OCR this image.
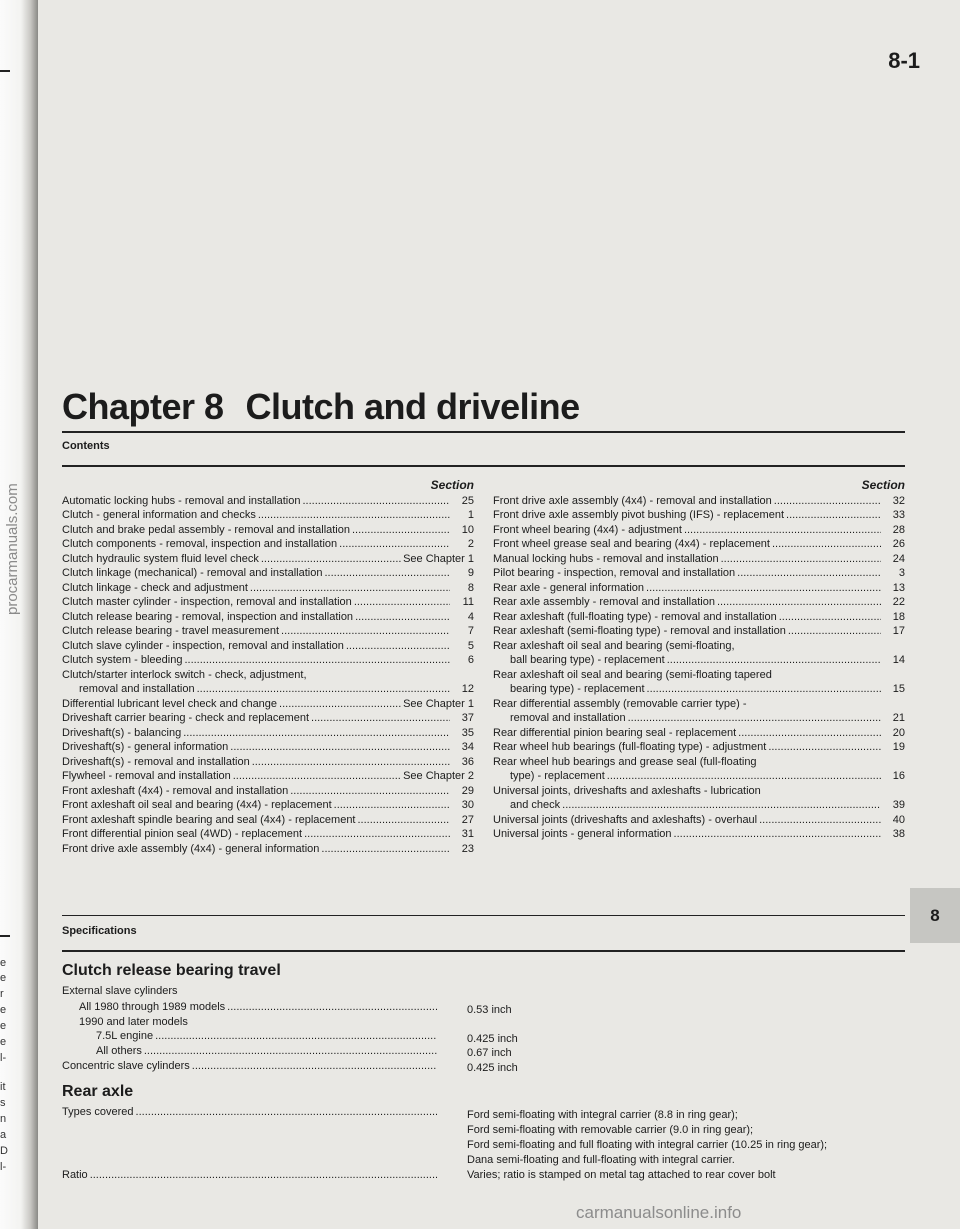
e
e
r
e
e
e
l-
it
s
n
a
D
l-
procarmanuals.com
carmanualsonline.info
8-1
Chapter 8 Clutch and driveline
Contents
Section
Automatic locking hubs - removal and installation .....	25
Clutch - general information and checks .....	1
Clutch and brake pedal assembly - removal and installation .....	10
Clutch components - removal, inspection and installation .....	2
Clutch hydraulic system fluid level check .....	See Chapter 1
Clutch linkage (mechanical) - removal and installation .....	9
Clutch linkage - check and adjustment .....	8
Clutch master cylinder - inspection, removal and installation .....	11
Clutch release bearing - removal, inspection and installation .....	4
Clutch release bearing - travel measurement .....	7
Clutch slave cylinder - inspection, removal and installation .....	5
Clutch system - bleeding .....	6
Clutch/starter interlock switch - check, adjustment,
removal and installation .....	12
Differential lubricant level check and change .....	See Chapter 1
Driveshaft carrier bearing - check and replacement .....	37
Driveshaft(s) - balancing .....	35
Driveshaft(s) - general information .....	34
Driveshaft(s) - removal and installation .....	36
Flywheel - removal and installation .....	See Chapter 2
Front axleshaft (4x4) - removal and installation .....	29
Front axleshaft oil seal and bearing (4x4) - replacement .....	30
Front axleshaft spindle bearing and seal (4x4) - replacement .....	27
Front differential pinion seal (4WD) - replacement .....	31
Front drive axle assembly (4x4) - general information .....	23
Section
Front drive axle assembly (4x4) - removal and installation .....	32
Front drive axle assembly pivot bushing (IFS) - replacement .....	33
Front wheel bearing (4x4) - adjustment .....	28
Front wheel grease seal and bearing (4x4) - replacement .....	26
Manual locking hubs - removal and installation .....	24
Pilot bearing - inspection, removal and installation .....	3
Rear axle - general information .....	13
Rear axle assembly - removal and installation .....	22
Rear axleshaft (full-floating type) - removal and installation .....	18
Rear axleshaft (semi-floating type) - removal and installation .....	17
Rear axleshaft oil seal and bearing (semi-floating,
ball bearing type) - replacement .....	14
Rear axleshaft oil seal and bearing (semi-floating tapered
bearing type) - replacement .....	15
Rear differential assembly (removable carrier type) -
removal and installation .....	21
Rear differential pinion bearing seal - replacement .....	20
Rear wheel hub bearings (full-floating type) - adjustment .....	19
Rear wheel hub bearings and grease seal (full-floating
type) - replacement .....	16
Universal joints, driveshafts and axleshafts - lubrication
and check .....	39
Universal joints (driveshafts and axleshafts) - overhaul .....	40
Universal joints - general information .....	38
8
Specifications
Clutch release bearing travel
External slave cylinders
All 1980 through 1989 models .....	0.53 inch
1990 and later models
7.5L engine .....	0.425 inch
All others .....	0.67 inch
Concentric slave cylinders .....	0.425 inch
Rear axle
Types covered .....	Ford semi-floating with integral carrier (8.8 in ring gear);
Ford semi-floating with removable carrier (9.0 in ring gear);
Ford semi-floating and full floating with integral carrier (10.25 in ring gear);
Dana semi-floating and full-floating with integral carrier.
Ratio .....	Varies; ratio is stamped on metal tag attached to rear cover bolt
